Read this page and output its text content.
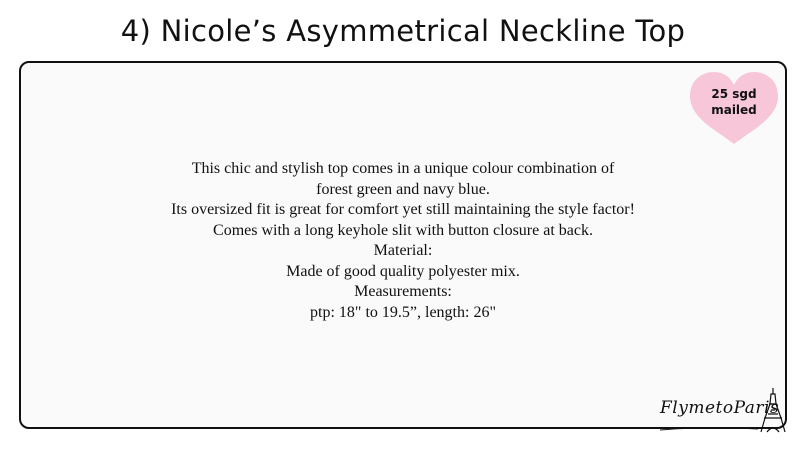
4) Nicole’s Asymmetrical Neckline Top
25 sgd
mailed
This chic and stylish top comes in a unique colour combination of
forest green and navy blue.
Its oversized fit is great for comfort yet still maintaining the style factor!
Comes with a long keyhole slit with button closure at back.
Material:
Made of good quality polyester mix.
Measurements:
ptp: 18" to 19.5”, length: 26"
FlymetoParis
